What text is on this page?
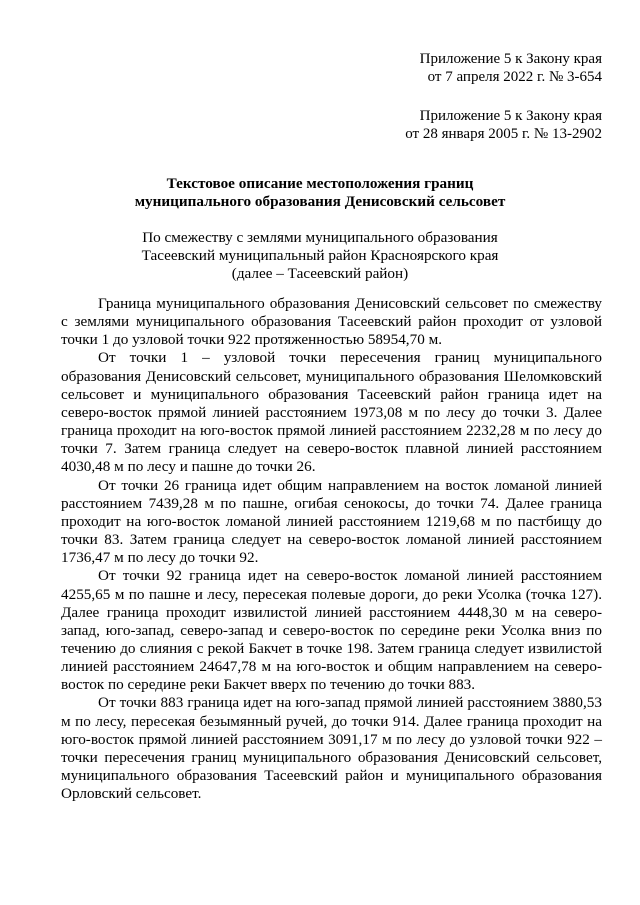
Приложение 5 к Закону края
от 7 апреля 2022 г. № 3-654
Приложение 5 к Закону края
от 28 января 2005 г. № 13-2902
Текстовое описание местоположения границ
муниципального образования Денисовский сельсовет
По смежеству с землями муниципального образования
Тасеевский муниципальный район Красноярского края
(далее – Тасеевский район)

Граница муниципального образования Денисовский сельсовет по смежеству с землями муниципального образования Тасеевский район проходит от узловой точки 1 до узловой точки 922 протяженностью 58954,70 м.

От точки 1 – узловой точки пересечения границ муниципального образования Денисовский сельсовет, муниципального образования Шеломковский сельсовет и муниципального образования Тасеевский район граница идет на северо-восток прямой линией расстоянием 1973,08 м по лесу до точки 3. Далее граница проходит на юго-восток прямой линией расстоянием 2232,28 м по лесу до точки 7. Затем граница следует на северо-восток плавной линией расстоянием 4030,48 м по лесу и пашне до точки 26.

От точки 26 граница идет общим направлением на восток ломаной линией расстоянием 7439,28 м по пашне, огибая сенокосы, до точки 74. Далее граница проходит на юго-восток ломаной линией расстоянием 1219,68 м по пастбищу до точки 83. Затем граница следует на северо-восток ломаной линией расстоянием 1736,47 м по лесу до точки 92.

От точки 92 граница идет на северо-восток ломаной линией расстоянием 4255,65 м по пашне и лесу, пересекая полевые дороги, до реки Усолка (точка 127). Далее граница проходит извилистой линией расстоянием 4448,30 м на северо-запад, юго-запад, северо-запад и северо-восток по середине реки Усолка вниз по течению до слияния с рекой Бакчет в точке 198. Затем граница следует извилистой линией расстоянием 24647,78 м на юго-восток и общим направлением на северо-восток по середине реки Бакчет вверх по течению до точки 883.

От точки 883 граница идет на юго-запад прямой линией расстоянием 3880,53 м по лесу, пересекая безымянный ручей, до точки 914. Далее граница проходит на юго-восток прямой линией расстоянием 3091,17 м по лесу до узловой точки 922 – точки пересечения границ муниципального образования Денисовский сельсовет, муниципального образования Тасеевский район и муниципального образования Орловский сельсовет.
